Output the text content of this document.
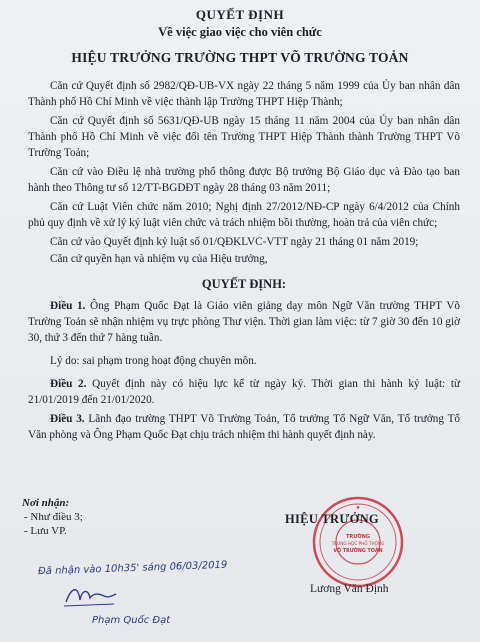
QUYẾT ĐỊNH
Về việc giao việc cho viên chức
HIỆU TRƯỞNG TRƯỜNG THPT VÕ TRƯỜNG TOẢN

Căn cứ Quyết định số 2982/QĐ-UB-VX ngày 22 tháng 5 năm 1999 của Ủy ban nhân dân Thành phố Hồ Chí Minh về việc thành lập Trường THPT Hiệp Thành;

Căn cứ Quyết định số 5631/QĐ-UB ngày 15 tháng 11 năm 2004 của Ủy ban nhân dân Thành phố Hồ Chí Minh về việc đổi tên Trường THPT Hiệp Thành thành Trường THPT Võ Trường Toản;

Căn cứ vào Điều lệ nhà trường phổ thông được Bộ trưởng Bộ Giáo dục và Đào tạo ban hành theo Thông tư số 12/TT-BGDĐT ngày 28 tháng 03 năm 2011;

Căn cứ Luật Viên chức năm 2010; Nghị định 27/2012/NĐ-CP ngày 6/4/2012 của Chính phủ quy định về xử lý kỷ luật viên chức và trách nhiệm bồi thường, hoàn trả của viên chức;

Căn cứ vào Quyết định kỷ luật số 01/QĐKLVC-VTT ngày 21 tháng 01 năm 2019;

Căn cứ quyền hạn và nhiệm vụ của Hiệu trưởng,

QUYẾT ĐỊNH:

Điều 1. Ông Phạm Quốc Đạt là Giáo viên giảng dạy môn Ngữ Văn trường THPT Võ Trường Toản sẽ nhận nhiệm vụ trực phòng Thư viện. Thời gian làm việc: từ 7 giờ 30 đến 10 giờ 30, thứ 3 đến thứ 7 hàng tuần.

Lý do: sai phạm trong hoạt động chuyên môn.

Điều 2. Quyết định này có hiệu lực kể từ ngày ký. Thời gian thi hành kỷ luật: từ 21/01/2019 đến 21/01/2020.

Điều 3. Lãnh đạo trường THPT Võ Trường Toản, Tổ trưởng Tổ Ngữ Văn, Tổ trưởng Tổ Văn phòng và Ông Phạm Quốc Đạt chịu trách nhiệm thi hành quyết định này.

Nơi nhận:
- Như điều 3;
- Lưu VP.	TRƯỜNG
TRUNG HỌC PHỔ THÔNG
VÕ TRƯỜNG TOẢN
★
HIỆU TRƯỞNG
Lương Văn Định
Đã nhận vào 10h35' sáng 06/03/2019
Phạm Quốc Đạt
